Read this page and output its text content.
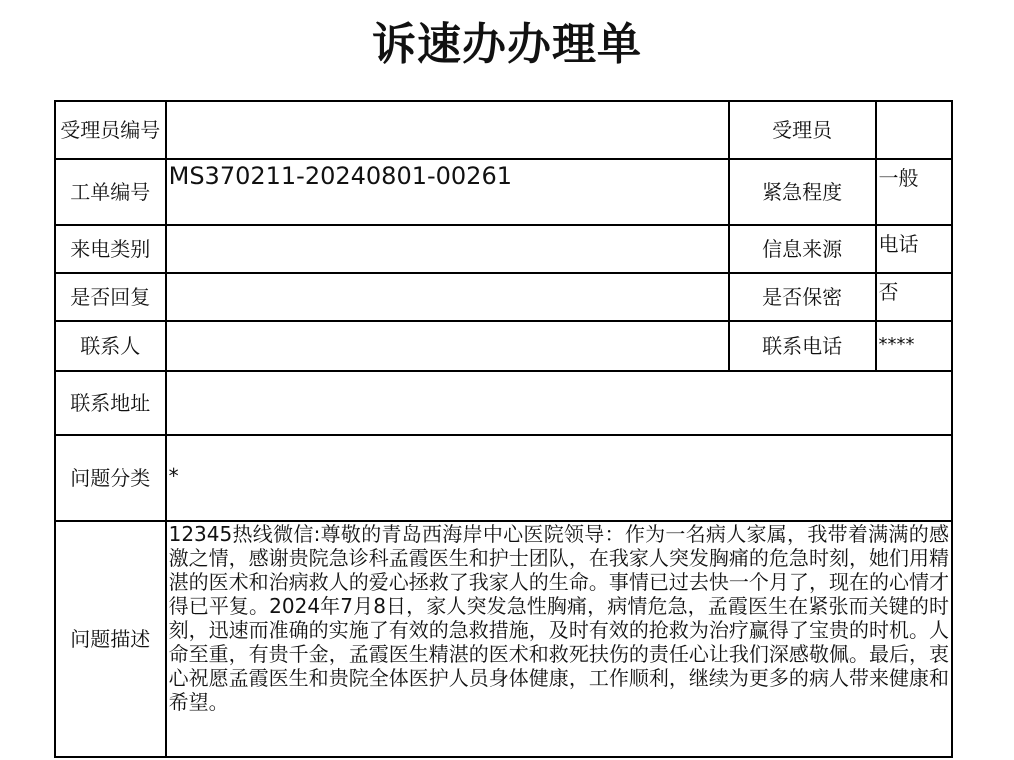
诉速办办理单
受理员编号		受理员	
工单编号	MS370211-20240801-00261	紧急程度	一般

来电类别		信息来源	电话

是否回复		是否保密	否

联系人		联系电话	****

联系地址			
问题分类	*		

问题描述	12345热线微信:尊敬的青岛西海岸中心医院领导：作为一名病人家属，我带着满满的感激之情，感谢贵院急诊科孟霞医生和护士团队，在我家人突发胸痛的危急时刻，她们用精湛的医术和治病救人的爱心拯救了我家人的生命。事情已过去快一个月了，现在的心情才得已平复。2024年7月8日，家人突发急性胸痛，病情危急，孟霞医生在紧张而关键的时刻，迅速而准确的实施了有效的急救措施，及时有效的抢救为治疗赢得了宝贵的时机。人命至重，有贵千金，孟霞医生精湛的医术和救死扶伤的责任心让我们深感敬佩。最后，衷心祝愿孟霞医生和贵院全体医护人员身体健康，工作顺利，继续为更多的病人带来健康和希望。		
